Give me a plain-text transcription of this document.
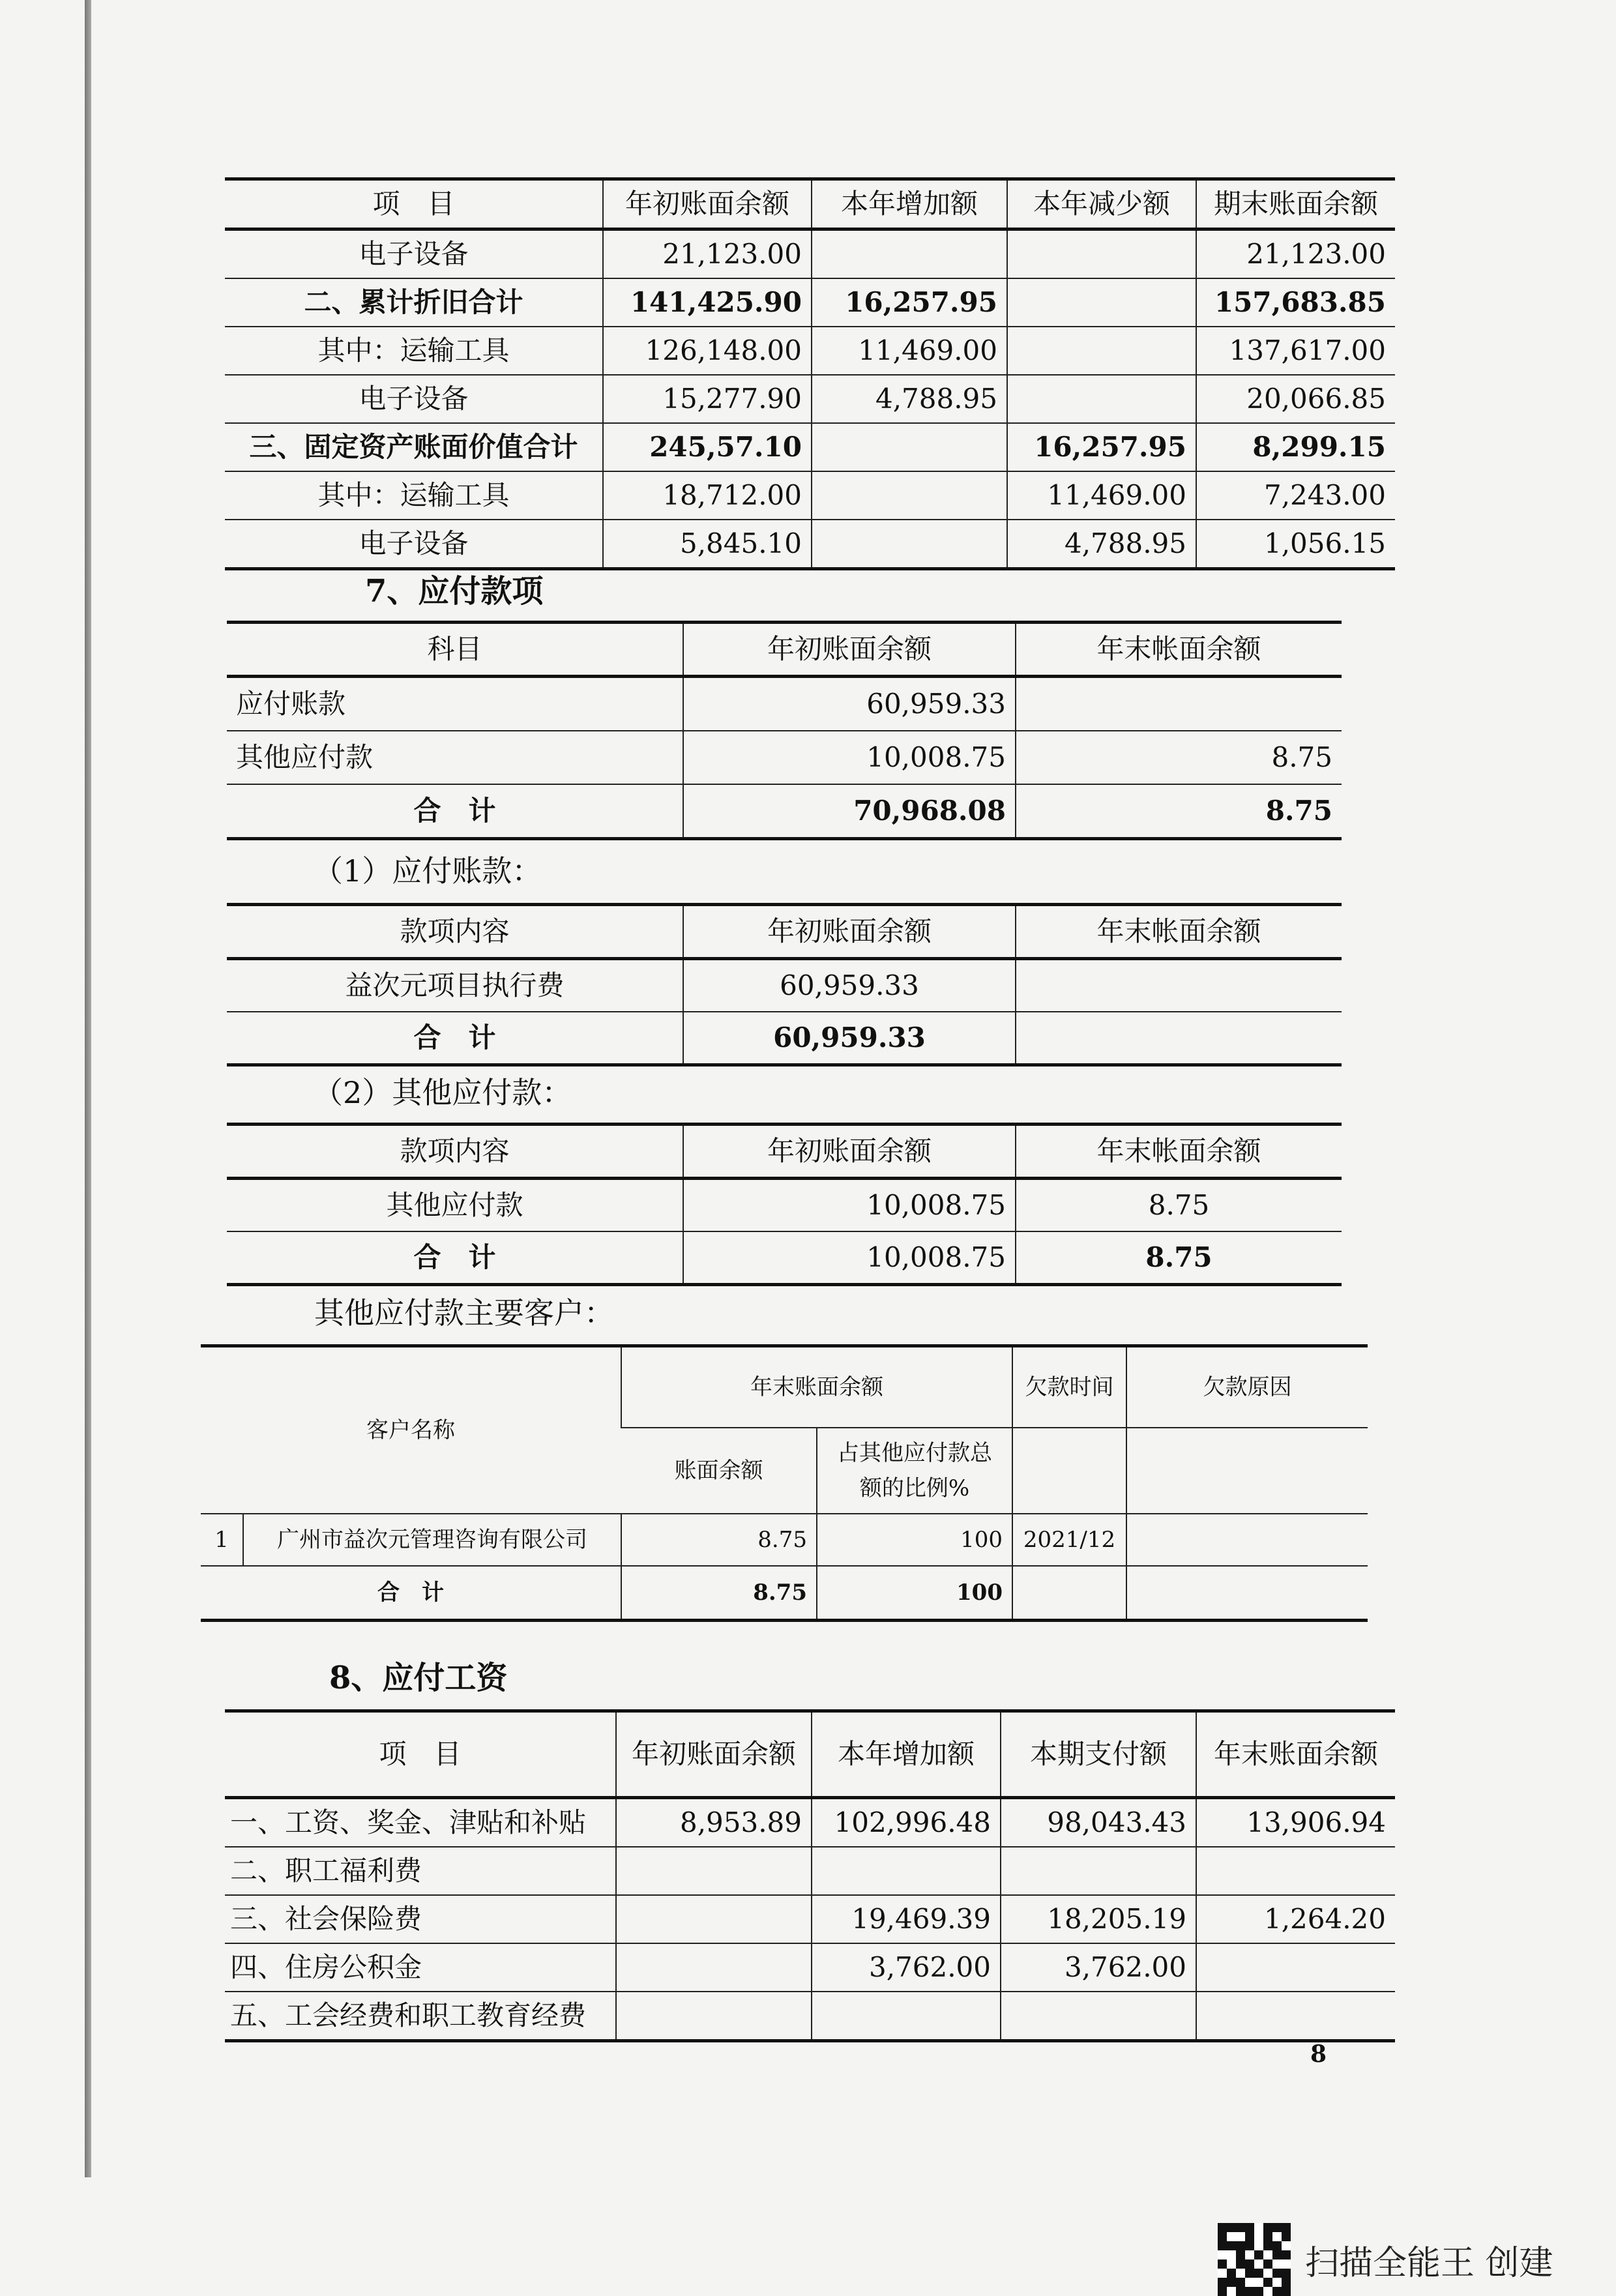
项　目	年初账面余额	本年增加额	本年减少额	期末账面余额
电子设备	21,123.00			21,123.00
二、累计折旧合计	141,425.90	16,257.95		157,683.85
其中：运输工具	126,148.00	11,469.00		137,617.00
电子设备	15,277.90	4,788.95		20,066.85
三、固定资产账面价值合计	245,57.10		16,257.95	8,299.15
其中：运输工具	18,712.00		11,469.00	7,243.00
电子设备	5,845.10		4,788.95	1,056.15
7、应付款项
科目	年初账面余额	年末帐面余额
应付账款	60,959.33	
其他应付款	10,008.75	8.75
合　计	70,968.08	8.75
（1）应付账款：
款项内容	年初账面余额	年末帐面余额
益次元项目执行费	60,959.33	
合　计	60,959.33	
（2）其他应付款：
款项内容	年初账面余额	年末帐面余额
其他应付款	10,008.75	8.75
合　计	10,008.75	8.75
其他应付款主要客户：
客户名称		年末账面余额		欠款时间	欠款原因
		账面余额	占其他应付款总额的比例%		
1	广州市益次元管理咨询有限公司	8.75	100	2021/12	
合　计		8.75	100		
8、应付工资
项　目	年初账面余额	本年增加额	本期支付额	年末账面余额
一、工资、奖金、津贴和补贴	8,953.89	102,996.48	98,043.43	13,906.94
二、职工福利费				
三、社会保险费		19,469.39	18,205.19	1,264.20
四、住房公积金		3,762.00	3,762.00	
五、工会经费和职工教育经费				
8
扫描全能王 创建
